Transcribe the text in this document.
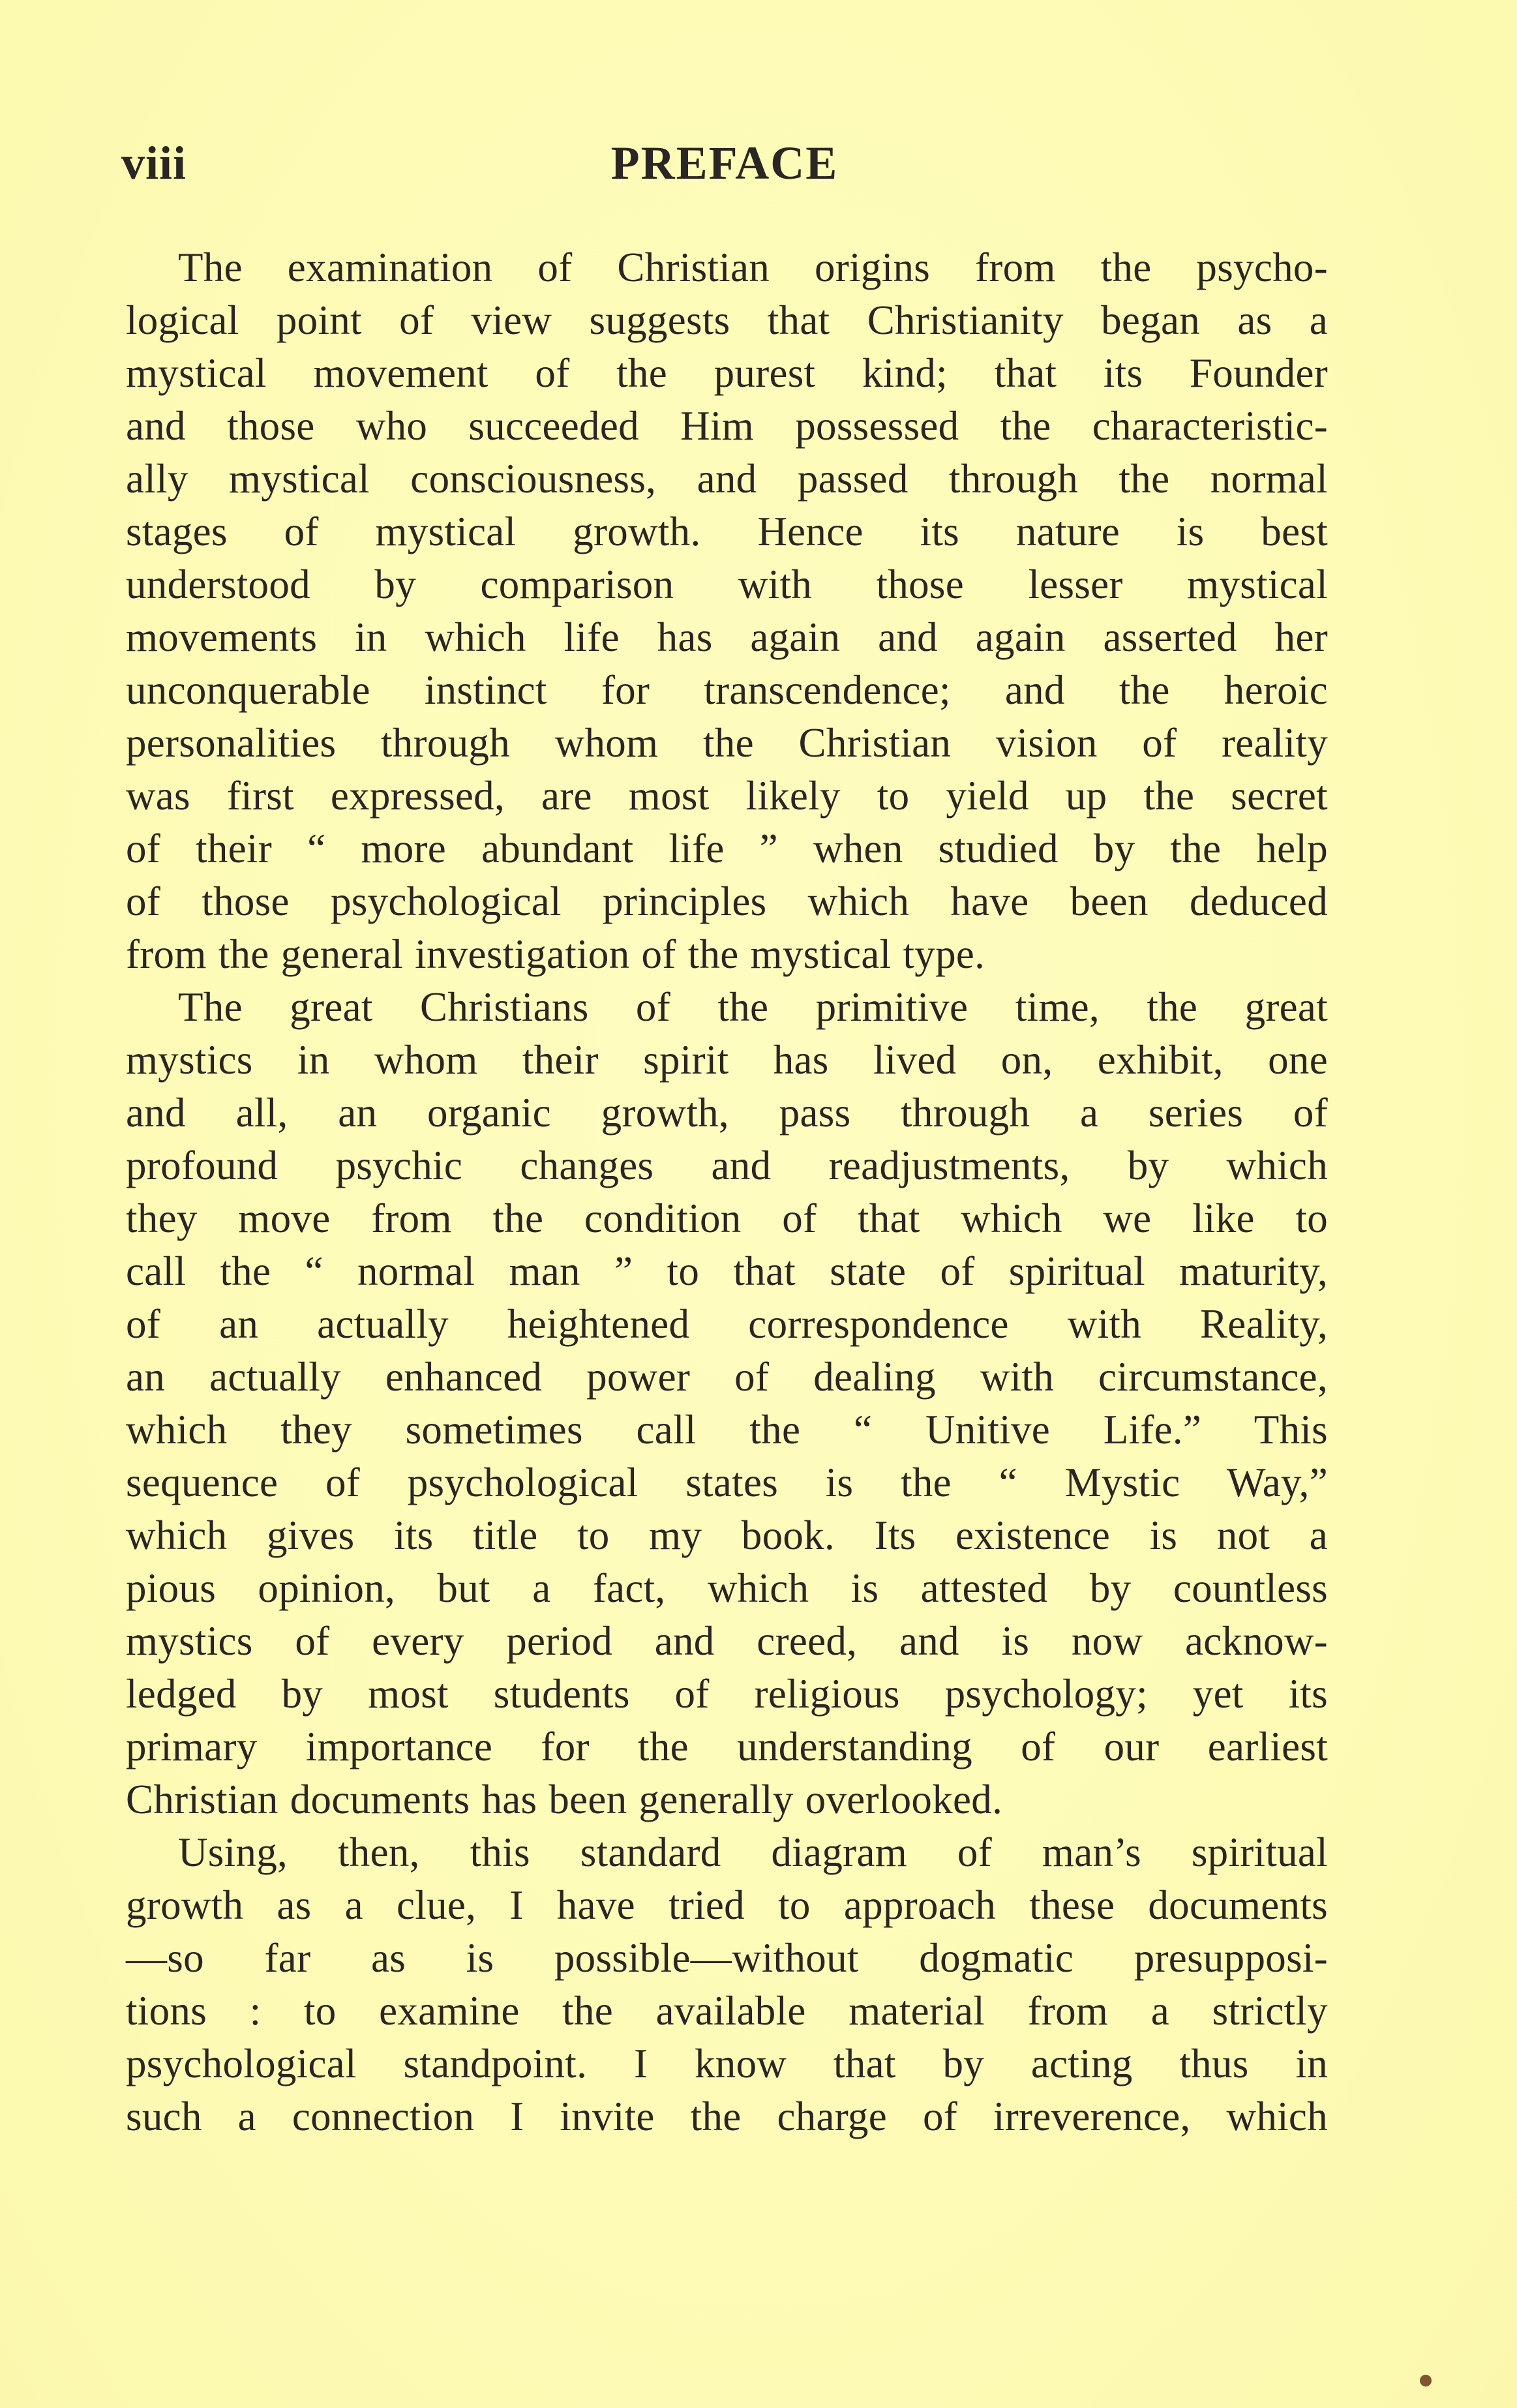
viii	PREFACE
The examination of Christian origins from the psycho-
logical point of view suggests that Christianity began as a
mystical movement of the purest kind; that its Founder
and those who succeeded Him possessed the characteristic-
ally mystical consciousness, and passed through the normal
stages of mystical growth. Hence its nature is best
understood by comparison with those lesser mystical
movements in which life has again and again asserted her
unconquerable instinct for transcendence; and the heroic
personalities through whom the Christian vision of reality
was first expressed, are most likely to yield up the secret
of their “ more abundant life ” when studied by the help
of those psychological principles which have been deduced
from the general investigation of the mystical type.
The great Christians of the primitive time, the great
mystics in whom their spirit has lived on, exhibit, one
and all, an organic growth, pass through a series of
profound psychic changes and readjustments, by which
they move from the condition of that which we like to
call the “ normal man ” to that state of spiritual maturity,
of an actually heightened correspondence with Reality,
an actually enhanced power of dealing with circumstance,
which they sometimes call the “ Unitive Life.” This
sequence of psychological states is the “ Mystic Way,”
which gives its title to my book. Its existence is not a
pious opinion, but a fact, which is attested by countless
mystics of every period and creed, and is now acknow-
ledged by most students of religious psychology; yet its
primary importance for the understanding of our earliest
Christian documents has been generally overlooked.
Using, then, this standard diagram of man’s spiritual
growth as a clue, I have tried to approach these documents
—so far as is possible—without dogmatic presupposi-
tions : to examine the available material from a strictly
psychological standpoint. I know that by acting thus in
such a connection I invite the charge of irreverence, which
